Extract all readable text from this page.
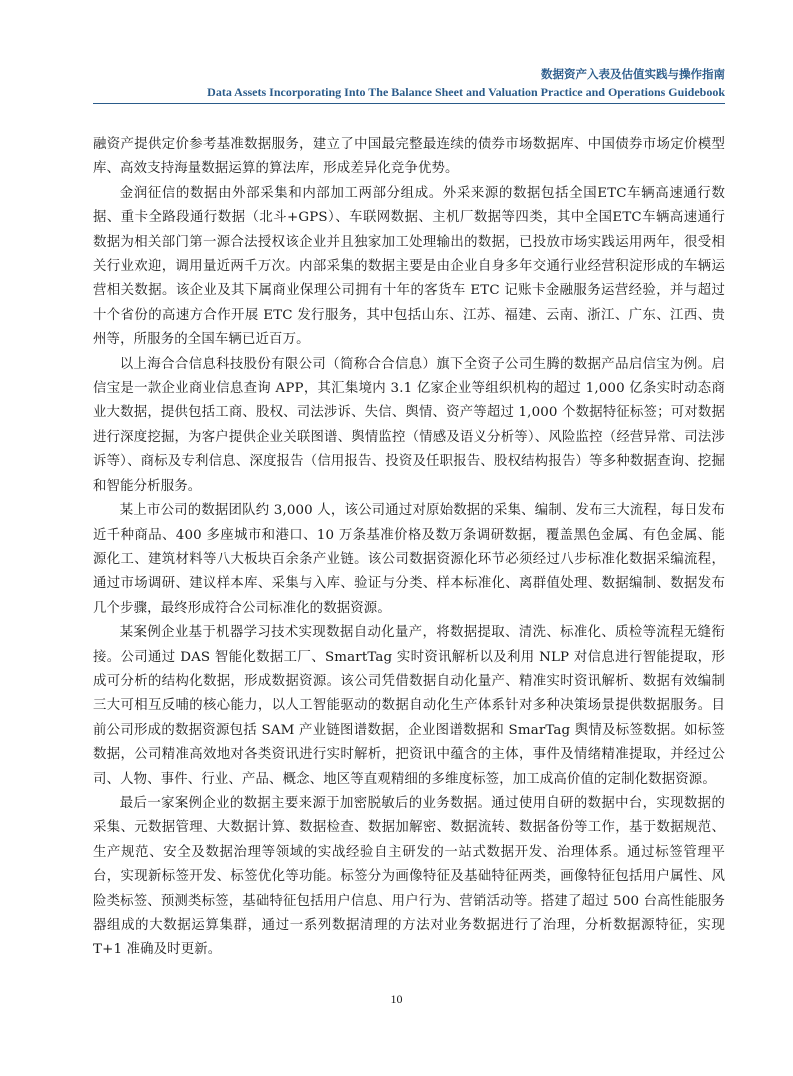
数据资产入表及估值实践与操作指南
Data Assets Incorporating Into The Balance Sheet and Valuation Practice and Operations Guidebook

融资产提供定价参考基准数据服务，建立了中国最完整最连续的债券市场数据库、中国债券市场定价模型库、高效支持海量数据运算的算法库，形成差异化竞争优势。

金润征信的数据由外部采集和内部加工两部分组成。外采来源的数据包括全国ETC车辆高速通行数据、重卡全路段通行数据（北斗+GPS）、车联网数据、主机厂数据等四类，其中全国ETC车辆高速通行数据为相关部门第一源合法授权该企业并且独家加工处理输出的数据，已投放市场实践运用两年，很受相关行业欢迎，调用量近两千万次。内部采集的数据主要是由企业自身多年交通行业经营积淀形成的车辆运营相关数据。该企业及其下属商业保理公司拥有十年的客货车 ETC 记账卡金融服务运营经验，并与超过十个省份的高速方合作开展 ETC 发行服务，其中包括山东、江苏、福建、云南、浙江、广东、江西、贵州等，所服务的全国车辆已近百万。

以上海合合信息科技股份有限公司（简称合合信息）旗下全资子公司生腾的数据产品启信宝为例。启信宝是一款企业商业信息查询 APP，其汇集境内 3.1 亿家企业等组织机构的超过 1,000 亿条实时动态商业大数据，提供包括工商、股权、司法涉诉、失信、舆情、资产等超过 1,000 个数据特征标签；可对数据进行深度挖掘，为客户提供企业关联图谱、舆情监控（情感及语义分析等）、风险监控（经营异常、司法涉诉等）、商标及专利信息、深度报告（信用报告、投资及任职报告、股权结构报告）等多种数据查询、挖掘和智能分析服务。

某上市公司的数据团队约 3,000 人，该公司通过对原始数据的采集、编制、发布三大流程，每日发布近千种商品、400 多座城市和港口、10 万条基准价格及数万条调研数据，覆盖黑色金属、有色金属、能源化工、建筑材料等八大板块百余条产业链。该公司数据资源化环节必须经过八步标准化数据采编流程，通过市场调研、建议样本库、采集与入库、验证与分类、样本标准化、离群值处理、数据编制、数据发布几个步骤，最终形成符合公司标准化的数据资源。

某案例企业基于机器学习技术实现数据自动化量产，将数据提取、清洗、标准化、质检等流程无缝衔接。公司通过 DAS 智能化数据工厂、SmartTag 实时资讯解析以及利用 NLP 对信息进行智能提取，形成可分析的结构化数据，形成数据资源。该公司凭借数据自动化量产、精准实时资讯解析、数据有效编制三大可相互反哺的核心能力，以人工智能驱动的数据自动化生产体系针对多种决策场景提供数据服务。目前公司形成的数据资源包括 SAM 产业链图谱数据，企业图谱数据和 SmarTag 舆情及标签数据。如标签数据，公司精准高效地对各类资讯进行实时解析，把资讯中蕴含的主体，事件及情绪精准提取，并经过公司、人物、事件、行业、产品、概念、地区等直观精细的多维度标签，加工成高价值的定制化数据资源。

最后一家案例企业的数据主要来源于加密脱敏后的业务数据。通过使用自研的数据中台，实现数据的采集、元数据管理、大数据计算、数据检查、数据加解密、数据流转、数据备份等工作，基于数据规范、生产规范、安全及数据治理等领域的实战经验自主研发的一站式数据开发、治理体系。通过标签管理平台，实现新标签开发、标签优化等功能。标签分为画像特征及基础特征两类，画像特征包括用户属性、风险类标签、预测类标签，基础特征包括用户信息、用户行为、营销活动等。搭建了超过 500 台高性能服务器组成的大数据运算集群，通过一系列数据清理的方法对业务数据进行了治理，分析数据源特征，实现 T+1 准确及时更新。

10
